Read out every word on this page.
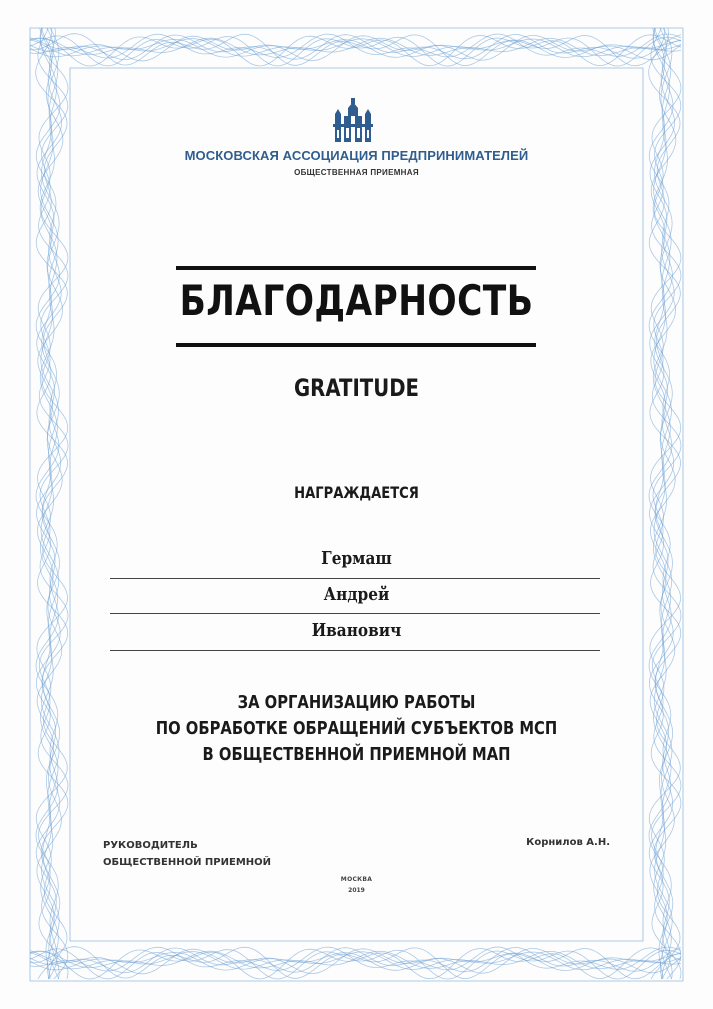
МОСКОВСКАЯ АССОЦИАЦИЯ ПРЕДПРИНИМАТЕЛЕЙ
ОБЩЕСТВЕННАЯ ПРИЕМНАЯ
БЛАГОДАРНОСТЬ
GRATITUDE
НАГРАЖДАЕТСЯ
Гермаш
Андрей
Иванович
ЗА ОРГАНИЗАЦИЮ РАБОТЫ
ПО ОБРАБОТКЕ ОБРАЩЕНИЙ СУБЪЕКТОВ МСП
В ОБЩЕСТВЕННОЙ ПРИЕМНОЙ МАП
РУКОВОДИТЕЛЬ
ОБЩЕСТВЕННОЙ ПРИЕМНОЙ
Корнилов А.Н.
МОСКВА
2019
